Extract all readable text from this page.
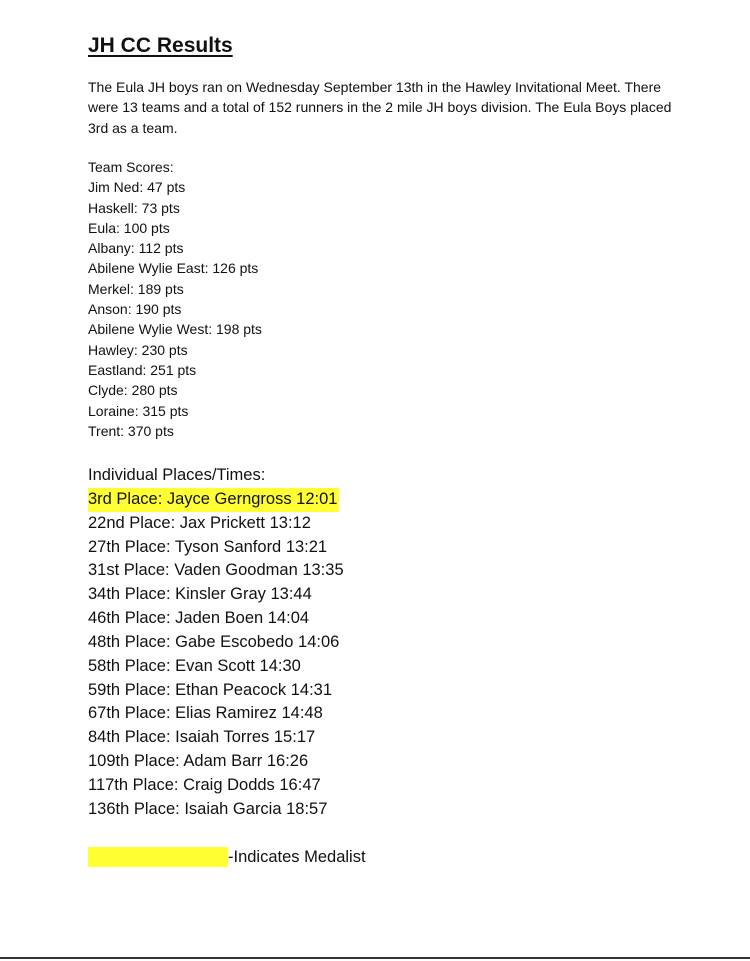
JH CC Results

The Eula JH boys ran on Wednesday September 13th in the Hawley Invitational Meet. There were 13 teams and a total of 152 runners in the 2 mile JH boys division. The Eula Boys placed 3rd as a team.

Team Scores:
Jim Ned: 47 pts
Haskell: 73 pts
Eula: 100 pts
Albany: 112 pts
Abilene Wylie East: 126 pts
Merkel: 189 pts
Anson: 190 pts
Abilene Wylie West: 198 pts
Hawley: 230 pts
Eastland: 251 pts
Clyde: 280 pts
Loraine: 315 pts
Trent: 370 pts
Individual Places/Times:
3rd Place: Jayce Gerngross 12:01
22nd Place: Jax Prickett 13:12
27th Place: Tyson Sanford 13:21
31st Place: Vaden Goodman 13:35
34th Place: Kinsler Gray 13:44
46th Place: Jaden Boen 14:04
48th Place: Gabe Escobedo 14:06
58th Place: Evan Scott 14:30
59th Place: Ethan Peacock 14:31
67th Place: Elias Ramirez 14:48
84th Place: Isaiah Torres 15:17
109th Place: Adam Barr 16:26
117th Place: Craig Dodds 16:47
136th Place: Isaiah Garcia 18:57
-Indicates Medalist
